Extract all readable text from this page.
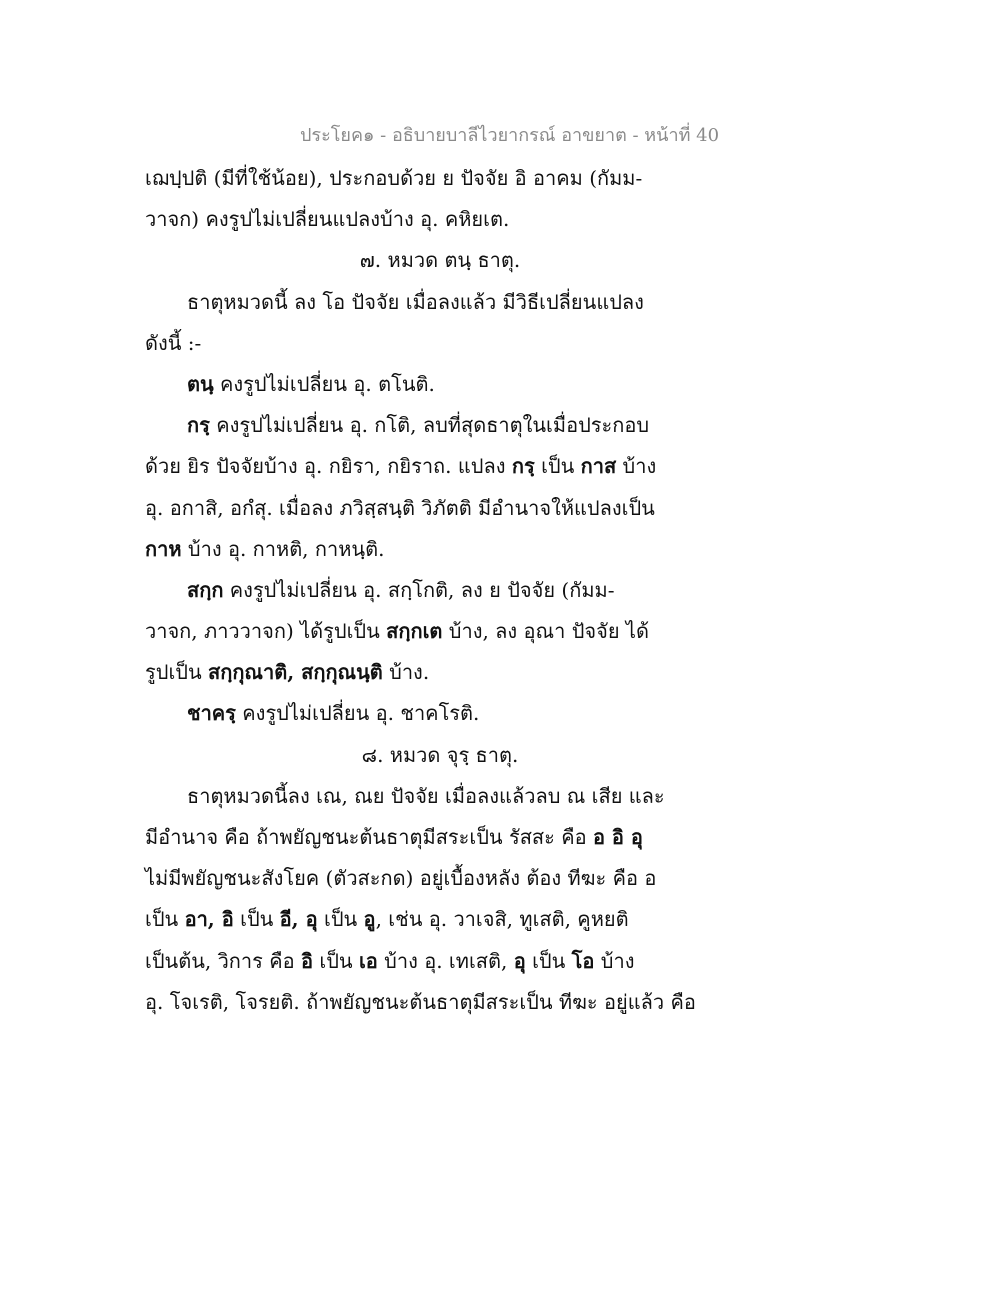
ประโยค๑ - อธิบายบาลีไวยากรณ์ อาขยาต - หน้าที่ 40
เฌปฺปติ (มีที่ใช้น้อย), ประกอบด้วย ย ปัจจัย อิ อาคม (กัมม-
วาจก) คงรูปไม่เปลี่ยนแปลงบ้าง อุ. คหิยเต.
๗. หมวด ตนฺ ธาตุ.
ธาตุหมวดนี้ ลง โอ ปัจจัย เมื่อลงแล้ว มีวิธีเปลี่ยนแปลง
ดังนี้ :-
ตนฺ คงรูปไม่เปลี่ยน อุ. ตโนติ.
กรฺ คงรูปไม่เปลี่ยน อุ. กโติ, ลบที่สุดธาตุในเมื่อประกอบ
ด้วย ยิร ปัจจัยบ้าง อุ. กยิรา, กยิราถ. แปลง กรฺ เป็น กาส บ้าง
อุ. อกาสิ, อกํสุ. เมื่อลง ภวิสฺสนฺติ วิภัตติ มีอำนาจให้แปลงเป็น
กาห บ้าง อุ. กาหติ, กาหนฺติ.
สกฺก คงรูปไม่เปลี่ยน อุ. สกฺโกติ, ลง ย ปัจจัย (กัมม-
วาจก, ภาววาจก) ได้รูปเป็น สกฺกเต บ้าง, ลง อุณา ปัจจัย ได้
รูปเป็น สกฺกุณาติ, สกฺกุณนฺติ บ้าง.
ชาครฺ คงรูปไม่เปลี่ยน อุ. ชาคโรติ.
๘. หมวด จุรฺ ธาตุ.
ธาตุหมวดนี้ลง เณ, ณย ปัจจัย เมื่อลงแล้วลบ ณ เสีย และ
มีอำนาจ คือ ถ้าพยัญชนะต้นธาตุมีสระเป็น รัสสะ คือ อ อิ อุ
ไม่มีพยัญชนะสังโยค (ตัวสะกด) อยู่เบื้องหลัง ต้อง ทีฆะ คือ อ
เป็น อา, อิ เป็น อี, อุ เป็น อู, เช่น อุ. วาเจสิ, ทูเสติ, คูหยติ
เป็นต้น, วิการ คือ อิ เป็น เอ บ้าง อุ. เทเสติ, อุ เป็น โอ บ้าง
อุ. โจเรติ, โจรยติ. ถ้าพยัญชนะต้นธาตุมีสระเป็น ทีฆะ อยู่แล้ว คือ
